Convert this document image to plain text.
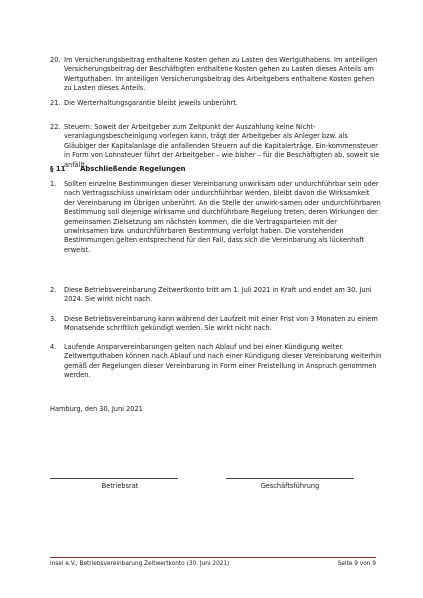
20. Im Versicherungsbeitrag enthaltene Kosten gehen zu Lasten des Wertguthabens. Im anteiligen Versicherungsbeitrag der Beschäftigten enthaltene Kosten gehen zu Lasten dieses Anteils am Wertguthaben. Im anteiligen Versicherungsbeitrag des Arbeitgebers enthaltene Kosten gehen zu Lasten dieses Anteils.
21. Die Werterhaltungsgarantie bleibt jeweils unberührt.
22. Steuern: Soweit der Arbeitgeber zum Zeitpunkt der Auszahlung keine Nicht-veranlagungsbescheinigung vorlegen kann, trägt der Arbeitgeber als Anleger bzw. als Gläubiger der Kapitalanlage die anfallenden Steuern auf die Kapitalerträge. Ein-kommensteuer in Form von Lohnsteuer führt der Arbeitgeber – wie bisher – für die Beschäftigten ab, soweit sie anfällt.
§ 11 Abschließende Regelungen
1. Sollten einzelne Bestimmungen dieser Vereinbarung unwirksam oder undurchführbar sein oder nach Vertragsschluss unwirksam oder undurchführbar werden, bleibt davon die Wirksamkeit der Vereinbarung im Übrigen unberührt. An die Stelle der unwirk-samen oder undurchführbaren Bestimmung soll diejenige wirksame und durchführbare Regelung treten, deren Wirkungen der gemeinsamen Zielsetzung am nächsten kommen, die die Vertragsparteien mit der unwirksamen bzw. undurchführbaren Bestimmung verfolgt haben. Die vorstehenden Bestimmungen gelten entsprechend für den Fall, dass sich die Vereinbarung als lückenhaft erweist.
2. Diese Betriebsvereinbarung Zeitwertkonto tritt am 1. Juli 2021 in Kraft und endet am 30. Juni 2024. Sie wirkt nicht nach.
3. Diese Betriebsvereinbarung kann während der Laufzeit mit einer Frist von 3 Monaten zu einem Monatsende schriftlich gekündigt werden. Sie wirkt nicht nach.
4. Laufende Ansparvereinbarungen gelten nach Ablauf und bei einer Kündigung weiter. Zeitwertguthaben können nach Ablauf und nach einer Kündigung dieser Vereinbarung weiterhin gemäß der Regelungen dieser Vereinbarung in Form einer Freistellung in Anspruch genommen werden.
Hamburg, den 30. Juni 2021
Betriebsrat	Geschäftsführung
insel e.V., Betriebsvereinbarung Zeitwertkonto (30. Juni 2021)	Seite 9 von 9
